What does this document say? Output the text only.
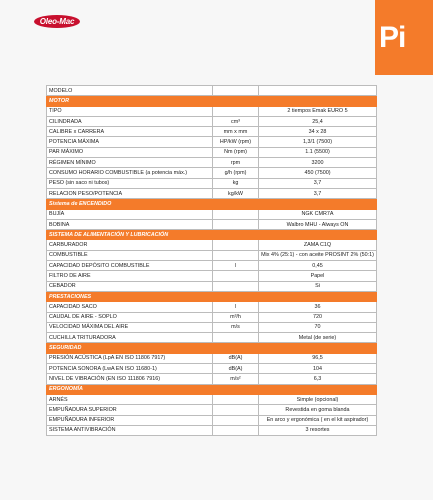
Oleo-Mac	Pi
MODELO		
MOTOR		
TIPO		2 tiempos Emak EURO 5
CILINDRADA	cm³	25,4
CALIBRE x CARRERA	mm x mm	34 x 28
POTENCIA MÁXIMA	HP/kW (rpm)	1,3/1 (7500)
PAR MÁXIMO	Nm (rpm)	1.1 (5500)
RÉGIMEN MÍNIMO	rpm	3200
CONSUMO HORARIO COMBUSTIBLE (a potencia máx.)	g/h (rpm)	450 (7500)
PESO (sin saco ni tubos)	kg	3,7
RELACION PESO/POTENCIA	kg/kW	3,7
Sistema de ENCENDIDO		
BUJÍA		NGK CMR7A
BOBINA		Walbro MHU - Always ON
SISTEMA DE ALIMENTACIÓN Y LUBRICACIÓN		
CARBURADOR		ZAMA C1Q
COMBUSTIBLE		Mix 4% (25:1) - con aceite PROSINT 2% (50:1)
CAPACIDAD DEPÓSITO COMBUSTIBLE	l	0,45
FILTRO DE AIRE		Papel
CEBADOR		Si
PRESTACIONES		
CAPACIDAD SACO	l	36
CAUDAL DE AIRE - SOPLO	m³/h	720
VELOCIDAD MÁXIMA DEL AIRE	m/s	70
CUCHILLA TRITURADORA		Metal (de serie)
SEGURIDAD		
PRESIÓN ACÚSTICA (LpA EN ISO 11806 7917)	dB(A)	96,5
POTENCIA SONORA (LwA EN ISO 11680-1)	dB(A)	104
NIVEL DE VIBRACIÓN (EN ISO 111806 7916)	m/s²	6,3
ERGONOMÍA		
ARNÉS		Simple (opcional)
EMPUÑADURA SUPERIOR		Revestida en goma blanda
EMPUÑADURA INFERIOR		En arco y ergonómica ( en el kit aspirador)
SISTEMA ANTIVIBRACIÓN		3 resortes
